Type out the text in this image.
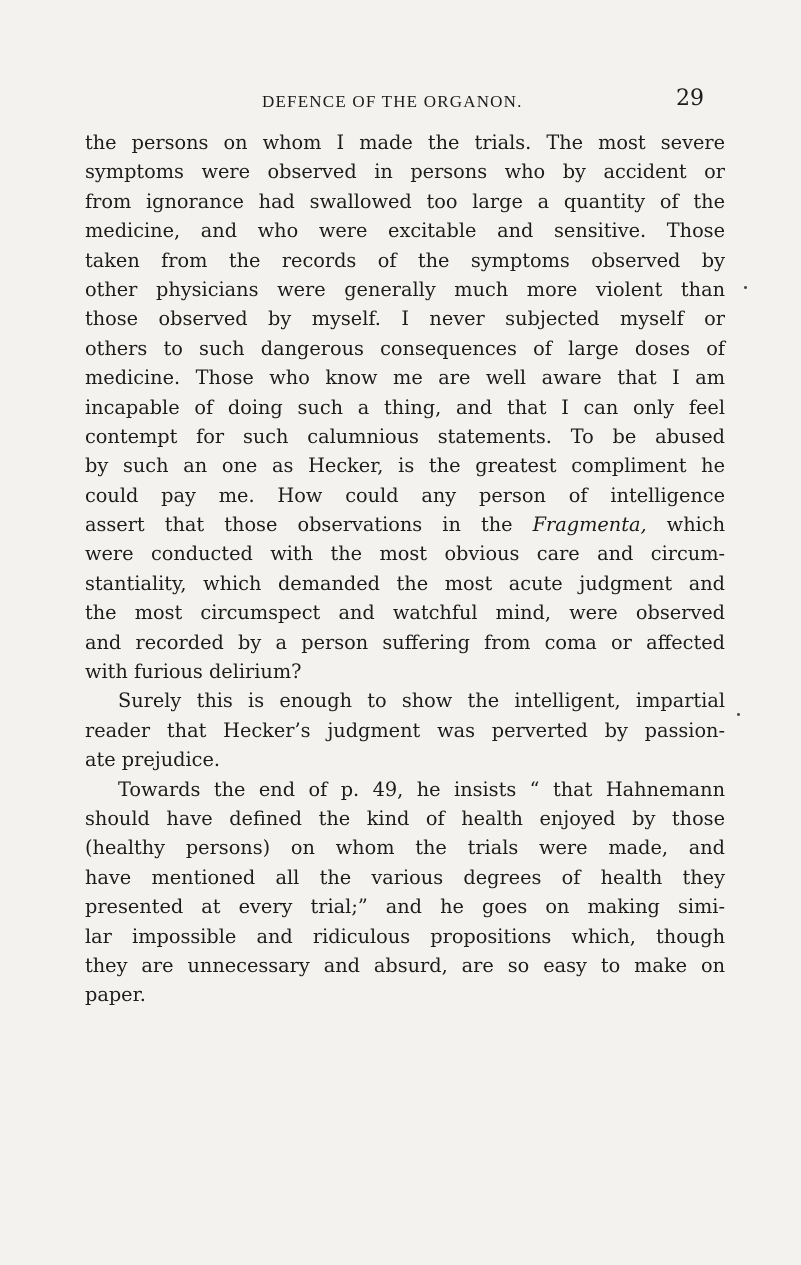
DEFENCE OF THE ORGANON.	29
the persons on whom I made the trials. The most severe
symptoms were observed in persons who by accident or
from ignorance had swallowed too large a quantity of the
medicine, and who were excitable and sensitive. Those
taken from the records of the symptoms observed by
other physicians were generally much more violent than
those observed by myself. I never subjected myself or
others to such dangerous consequences of large doses of
medicine. Those who know me are well aware that I am
incapable of doing such a thing, and that I can only feel
contempt for such calumnious statements. To be abused
by such an one as Hecker, is the greatest compliment he
could pay me. How could any person of intelligence
assert that those observations in the Fragmenta, which
were conducted with the most obvious care and circum-
stantiality, which demanded the most acute judgment and
the most circumspect and watchful mind, were observed
and recorded by a person suffering from coma or affected
with furious delirium?
Surely this is enough to show the intelligent, impartial
reader that Hecker’s judgment was perverted by passion-
ate prejudice.
Towards the end of p. 49, he insists “ that Hahnemann
should have defined the kind of health enjoyed by those
(healthy persons) on whom the trials were made, and
have mentioned all the various degrees of health they
presented at every trial;” and he goes on making simi-
lar impossible and ridiculous propositions which, though
they are unnecessary and absurd, are so easy to make on
paper.
